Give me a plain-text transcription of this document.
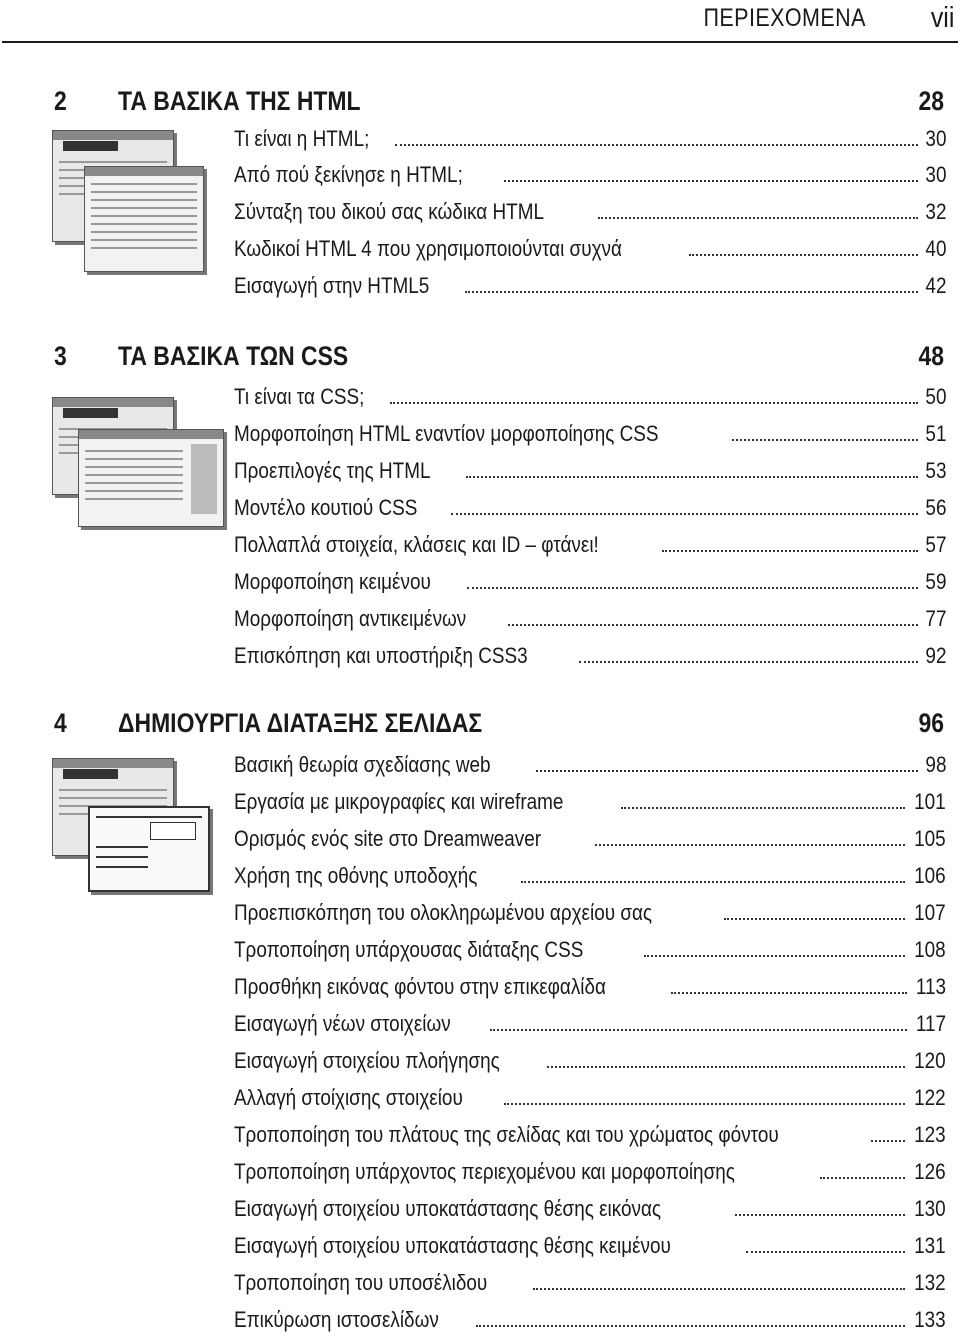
ΠΕΡΙΕΧΟΜΕΝΑ vii
2 ΤΑ ΒΑΣΙΚΑ ΤΗΣ HTML	28
Τι είναι η HTML;	30
Από πού ξεκίνησε η HTML;	30
Σύνταξη του δικού σας κώδικα HTML	32
Κωδικοί HTML 4 που χρησιμοποιούνται συχνά	40
Εισαγωγή στην HTML5	42
3 ΤΑ ΒΑΣΙΚΑ ΤΩΝ CSS	48
Τι είναι τα CSS;	50
Μορφοποίηση HTML εναντίον μορφοποίησης CSS	51
Προεπιλογές της HTML	53
Μοντέλο κουτιού CSS	56
Πολλαπλά στοιχεία, κλάσεις και ID – φτάνει!	57
Μορφοποίηση κειμένου	59
Μορφοποίηση αντικειμένων	77
Επισκόπηση και υποστήριξη CSS3	92
4 ΔΗΜΙΟΥΡΓΙΑ ΔΙΑΤΑΞΗΣ ΣΕΛΙΔΑΣ	96
Βασική θεωρία σχεδίασης web	98
Εργασία με μικρογραφίες και wireframe	101
Ορισμός ενός site στο Dreamweaver	105
Χρήση της οθόνης υποδοχής	106
Προεπισκόπηση του ολοκληρωμένου αρχείου σας	107
Τροποποίηση υπάρχουσας διάταξης CSS	108
Προσθήκη εικόνας φόντου στην επικεφαλίδα	113
Εισαγωγή νέων στοιχείων	117
Εισαγωγή στοιχείου πλοήγησης	120
Αλλαγή στοίχισης στοιχείου	122
Τροποποίηση του πλάτους της σελίδας και του χρώματος φόντου	123
Τροποποίηση υπάρχοντος περιεχομένου και μορφοποίησης	126
Εισαγωγή στοιχείου υποκατάστασης θέσης εικόνας	130
Εισαγωγή στοιχείου υποκατάστασης θέσης κειμένου	131
Τροποποίηση του υποσέλιδου	132
Επικύρωση ιστοσελίδων	133
